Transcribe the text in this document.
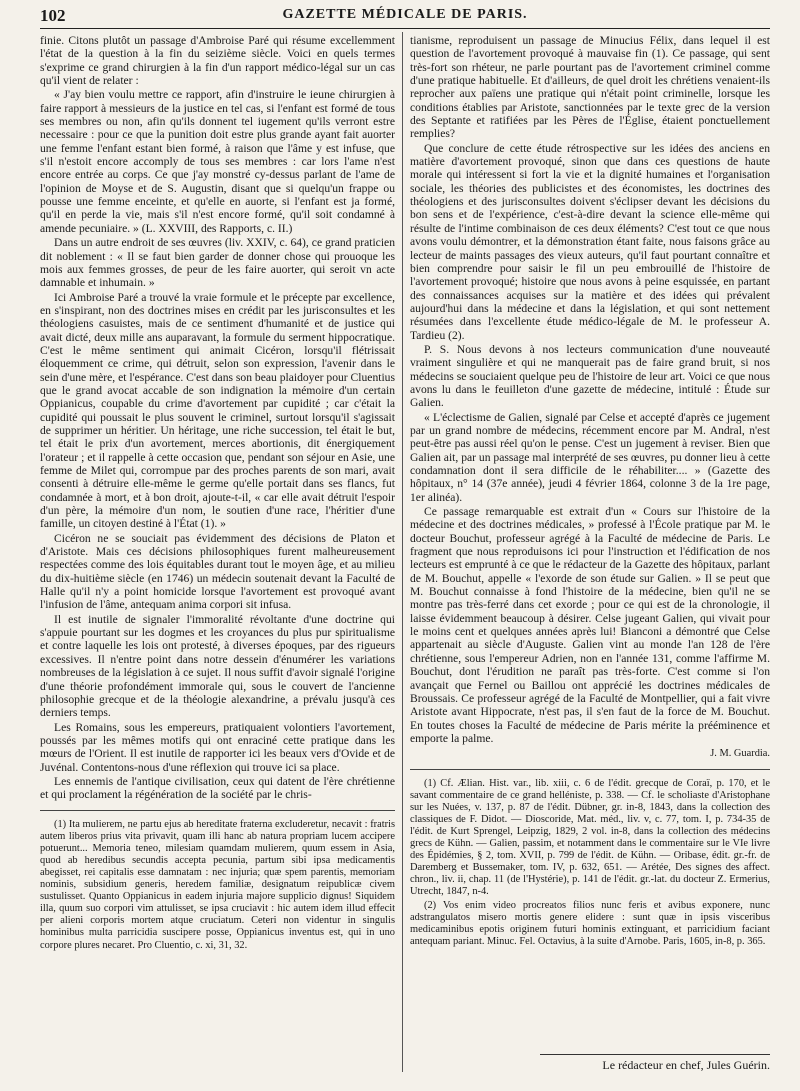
102	GAZETTE MÉDICALE DE PARIS.

finie. Citons plutôt un passage d'Ambroise Paré qui résume excellemment l'état de la question à la fin du seizième siècle. Voici en quels termes s'exprime ce grand chirurgien à la fin d'un rapport médico-légal sur un cas qu'il vient de relater :

« J'ay bien voulu mettre ce rapport, afin d'instruire le ieune chirurgien à faire rapport à messieurs de la justice en tel cas, si l'enfant est formé de tous ses membres ou non, afin qu'ils donnent tel iugement qu'ils verront estre necessaire : pour ce que la punition doit estre plus grande ayant fait auorter une femme l'enfant estant bien formé, à raison que l'âme y est infuse, que s'il n'estoit encore accomply de tous ses membres : car lors l'ame n'est encore entrée au corps. Ce que j'ay monstré cy-dessus parlant de l'ame de l'opinion de Moyse et de S. Augustin, disant que si quelqu'un frappe ou pousse une femme enceinte, et qu'elle en auorte, si l'enfant est ja formé, qu'il en perde la vie, mais s'il n'est encore formé, qu'il soit condamné à amende pecuniaire. » (L. XXVIII, des Rapports, c. II.)

Dans un autre endroit de ses œuvres (liv. XXIV, c. 64), ce grand praticien dit noblement : « Il se faut bien garder de donner chose qui prouoque les mois aux femmes grosses, de peur de les faire auorter, qui seroit vn acte damnable et inhumain. »

Ici Ambroise Paré a trouvé la vraie formule et le précepte par excellence, en s'inspirant, non des doctrines mises en crédit par les jurisconsultes et les théologiens casuistes, mais de ce sentiment d'humanité et de justice qui avait dicté, deux mille ans auparavant, la formule du serment hippocratique. C'est le même sentiment qui animait Cicéron, lorsqu'il flétrissait éloquemment ce crime, qui détruit, selon son expression, l'avenir dans le sein d'une mère, et l'espérance. C'est dans son beau plaidoyer pour Cluentius que le grand avocat accable de son indignation la mémoire d'un certain Oppianicus, coupable du crime d'avortement par cupidité ; car c'était la cupidité qui poussait le plus souvent le criminel, surtout lorsqu'il s'agissait de supprimer un héritier. Un héritage, une riche succession, tel était le but, tel était le prix d'un avortement, merces abortionis, dit énergiquement l'orateur ; et il rappelle à cette occasion que, pendant son séjour en Asie, une femme de Milet qui, corrompue par des proches parents de son mari, avait consenti à détruire elle-même le germe qu'elle portait dans ses flancs, fut condamnée à mort, et à bon droit, ajoute-t-il, « car elle avait détruit l'espoir d'un père, la mémoire d'un nom, le soutien d'une race, l'héritier d'une famille, un citoyen destiné à l'État (1). »

Cicéron ne se souciait pas évidemment des décisions de Platon et d'Aristote. Mais ces décisions philosophiques furent malheureusement respectées comme des lois équitables durant tout le moyen âge, et au milieu du dix-huitième siècle (en 1746) un médecin soutenait devant la Faculté de Halle qu'il n'y a point homicide lorsque l'avortement est provoqué avant l'infusion de l'âme, antequam anima corpori sit infusa.

Il est inutile de signaler l'immoralité révoltante d'une doctrine qui s'appuie pourtant sur les dogmes et les croyances du plus pur spiritualisme et contre laquelle les lois ont protesté, à diverses époques, par des rigueurs excessives. Il n'entre point dans notre dessein d'énumérer les variations nombreuses de la législation à ce sujet. Il nous suffit d'avoir signalé l'origine d'une théorie profondément immorale qui, sous le couvert de l'ancienne philosophie grecque et de la théologie alexandrine, a prévalu jusqu'à ces derniers temps.

Les Romains, sous les empereurs, pratiquaient volontiers l'avortement, poussés par les mêmes motifs qui ont enraciné cette pratique dans les mœurs de l'Orient. Il est inutile de rapporter ici les beaux vers d'Ovide et de Juvénal. Contentons-nous d'une réflexion qui trouve ici sa place.

Les ennemis de l'antique civilisation, ceux qui datent de l'ère chrétienne et qui proclament la régénération de la société par le chris-

(1) Ita mulierem, ne partu ejus ab hereditate fraterna excluderetur, necavit : fratris autem liberos prius vita privavit, quam illi hanc ab natura propriam lucem accipere potuerunt... Memoria teneo, milesiam quamdam mulierem, quum essem in Asia, quod ab heredibus secundis accepta pecunia, partum sibi ipsa medicamentis abegisset, rei capitalis esse damnatam : nec injuria; quæ spem parentis, memoriam nominis, subsidium generis, heredem familiæ, designatum reipublicæ civem sustulisset. Quanto Oppianicus in eadem injuria majore supplicio dignus! Siquidem illa, quum suo corpori vim attulisset, se ipsa cruciavit : hic autem idem illud effecit per alieni corporis mortem atque cruciatum. Ceteri non videntur in singulis hominibus multa parricidia suscipere posse, Oppianicus inventus est, qui in uno corpore plures necaret. Pro Cluentio, c. xi, 31, 32.

tianisme, reproduisent un passage de Minucius Félix, dans lequel il est question de l'avortement provoqué à mauvaise fin (1). Ce passage, qui sent très-fort son rhéteur, ne parle pourtant pas de l'avortement criminel comme d'une pratique habituelle. Et d'ailleurs, de quel droit les chrétiens venaient-ils reprocher aux païens une pratique qui n'était point criminelle, lorsque les conditions établies par Aristote, sanctionnées par le texte grec de la version des Septante et ratifiées par les Pères de l'Église, étaient ponctuellement remplies?

Que conclure de cette étude rétrospective sur les idées des anciens en matière d'avortement provoqué, sinon que dans ces questions de haute morale qui intéressent si fort la vie et la dignité humaines et l'organisation sociale, les théories des publicistes et des économistes, les doctrines des théologiens et des jurisconsultes doivent s'éclipser devant les décisions du bon sens et de l'expérience, c'est-à-dire devant la science elle-même qui résulte de l'intime combinaison de ces deux éléments? C'est tout ce que nous avons voulu démontrer, et la démonstration étant faite, nous faisons grâce au lecteur de maints passages des vieux auteurs, qu'il faut pourtant connaître et bien comprendre pour saisir le fil un peu embrouillé de l'histoire de l'avortement provoqué; histoire que nous avons à peine esquissée, en partant des connaissances acquises sur la matière et des idées qui prévalent aujourd'hui dans la médecine et dans la législation, et qui sont nettement résumées dans l'excellente étude médico-légale de M. le professeur A. Tardieu (2).

P. S. Nous devons à nos lecteurs communication d'une nouveauté vraiment singulière et qui ne manquerait pas de faire grand bruit, si nos médecins se souciaient quelque peu de l'histoire de leur art. Voici ce que nous avons lu dans le feuilleton d'une gazette de médecine, intitulé : Étude sur Galien.

« L'éclectisme de Galien, signalé par Celse et accepté d'après ce jugement par un grand nombre de médecins, récemment encore par M. Andral, n'est peut-être pas aussi réel qu'on le pense. C'est un jugement à reviser. Bien que Galien ait, par un passage mal interprété de ses œuvres, pu donner lieu à cette condamnation dont il sera difficile de le réhabiliter.... » (Gazette des hôpitaux, n° 14 (37e année), jeudi 4 février 1864, colonne 3 de la 1re page, 1er alinéa).

Ce passage remarquable est extrait d'un « Cours sur l'histoire de la médecine et des doctrines médicales, » professé à l'École pratique par M. le docteur Bouchut, professeur agrégé à la Faculté de médecine de Paris. Le fragment que nous reproduisons ici pour l'instruction et l'édification de nos lecteurs est emprunté à ce que le rédacteur de la Gazette des hôpitaux, parlant de M. Bouchut, appelle « l'exorde de son étude sur Galien. » Il se peut que M. Bouchut connaisse à fond l'histoire de la médecine, bien qu'il ne se montre pas très-ferré dans cet exorde ; pour ce qui est de la chronologie, il laisse évidemment beaucoup à désirer. Celse jugeant Galien, qui vivait pour le moins cent et quelques années après lui! Bianconi a démontré que Celse appartenait au siècle d'Auguste. Galien vint au monde l'an 128 de l'ère chrétienne, sous l'empereur Adrien, non en l'année 131, comme l'affirme M. Bouchut, dont l'érudition ne paraît pas très-forte. C'est comme si l'on avançait que Fernel ou Baillou ont apprécié les doctrines médicales de Broussais. Ce professeur agrégé de la Faculté de Montpellier, qui a fait vivre Aristote avant Hippocrate, n'est pas, il s'en faut de la force de M. Bouchut. En toutes choses la Faculté de médecine de Paris mérite la prééminence et emporte la palme.

J. M. Guardia.

(1) Cf. Ælian. Hist. var., lib. xiii, c. 6 de l'édit. grecque de Coraï, p. 170, et le savant commentaire de ce grand helléniste, p. 338. — Cf. le scholiaste d'Aristophane sur les Nuées, v. 137, p. 87 de l'édit. Dübner, gr. in-8, 1843, dans la collection des classiques de F. Didot. — Dioscoride, Mat. méd., liv. v, c. 77, tom. I, p. 734-35 de l'édit. de Kurt Sprengel, Leipzig, 1829, 2 vol. in-8, dans la collection des médecins grecs de Kühn. — Galien, passim, et notamment dans le commentaire sur le VIe livre des Épidémies, § 2, tom. XVII, p. 799 de l'édit. de Kühn. — Oribase, édit. gr.-fr. de Daremberg et Bussemaker, tom. IV, p. 632, 651. — Arétée, Des signes des affect. chron., liv. ii, chap. 11 (de l'Hystérie), p. 141 de l'édit. gr.-lat. du docteur Z. Ermerius, Utrecht, 1847, n-4.

(2) Vos enim video procreatos filios nunc feris et avibus exponere, nunc adstrangulatos misero mortis genere elidere : sunt quæ in ipsis visceribus medicaminibus epotis originem futuri hominis extinguant, et parricidium faciant antequam pariant. Minuc. Fel. Octavius, à la suite d'Arnobe. Paris, 1605, in-8, p. 365.

Le rédacteur en chef, Jules Guérin.
